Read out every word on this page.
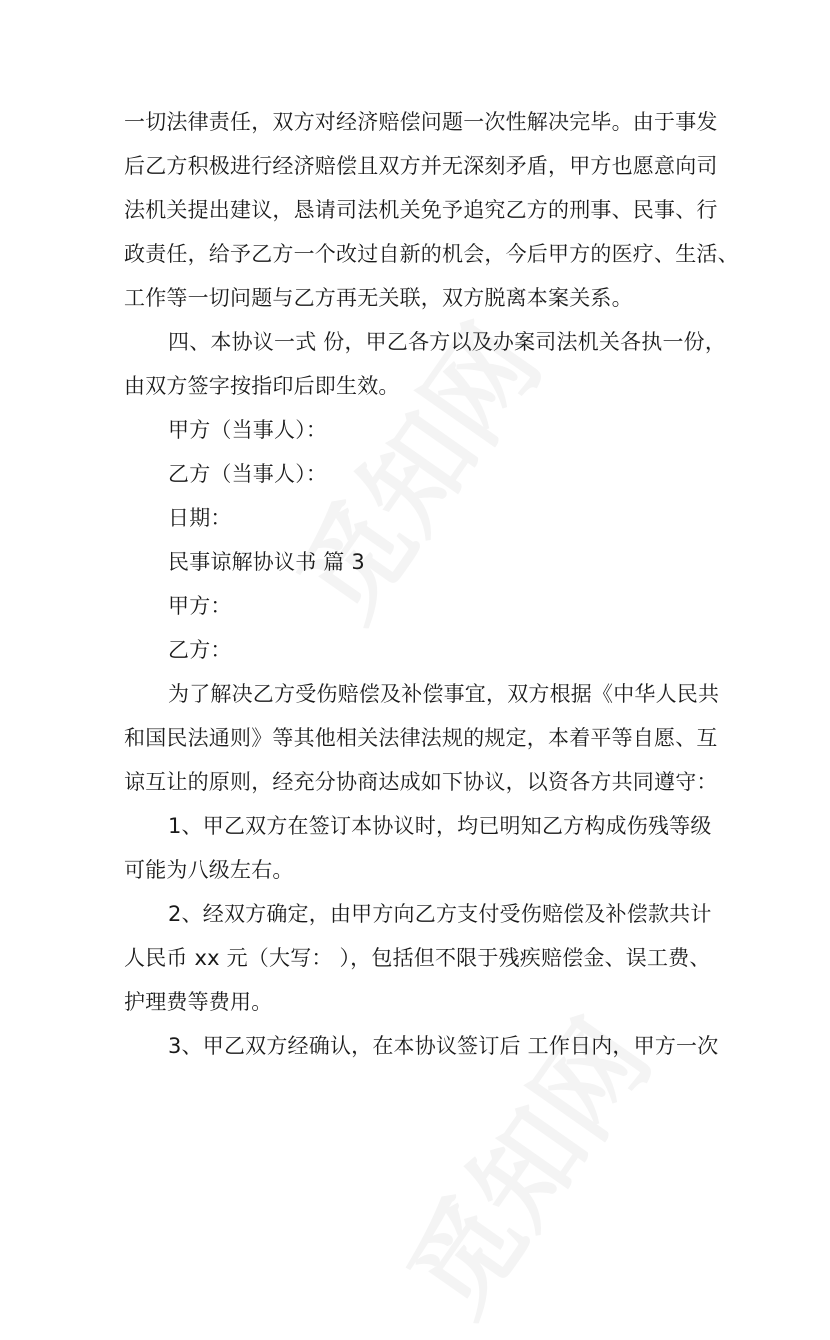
一切法律责任，双方对经济赔偿问题一次性解决完毕。由于事发
后乙方积极进行经济赔偿且双方并无深刻矛盾，甲方也愿意向司
法机关提出建议，恳请司法机关免予追究乙方的刑事、民事、行
政责任，给予乙方一个改过自新的机会，今后甲方的医疗、生活、
工作等一切问题与乙方再无关联，双方脱离本案关系。
四、本协议一式 份，甲乙各方以及办案司法机关各执一份，
由双方签字按指印后即生效。
甲方（当事人）：
乙方（当事人）：
日期：
民事谅解协议书 篇 3
甲方：
乙方：
为了解决乙方受伤赔偿及补偿事宜，双方根据《中华人民共
和国民法通则》等其他相关法律法规的规定，本着平等自愿、互
谅互让的原则，经充分协商达成如下协议，以资各方共同遵守：
1、甲乙双方在签订本协议时，均已明知乙方构成伤残等级
可能为八级左右。
2、经双方确定，由甲方向乙方支付受伤赔偿及补偿款共计
人民币 xx 元（大写： ），包括但不限于残疾赔偿金、误工费、
护理费等费用。
3、甲乙双方经确认，在本协议签订后 工作日内，甲方一次
